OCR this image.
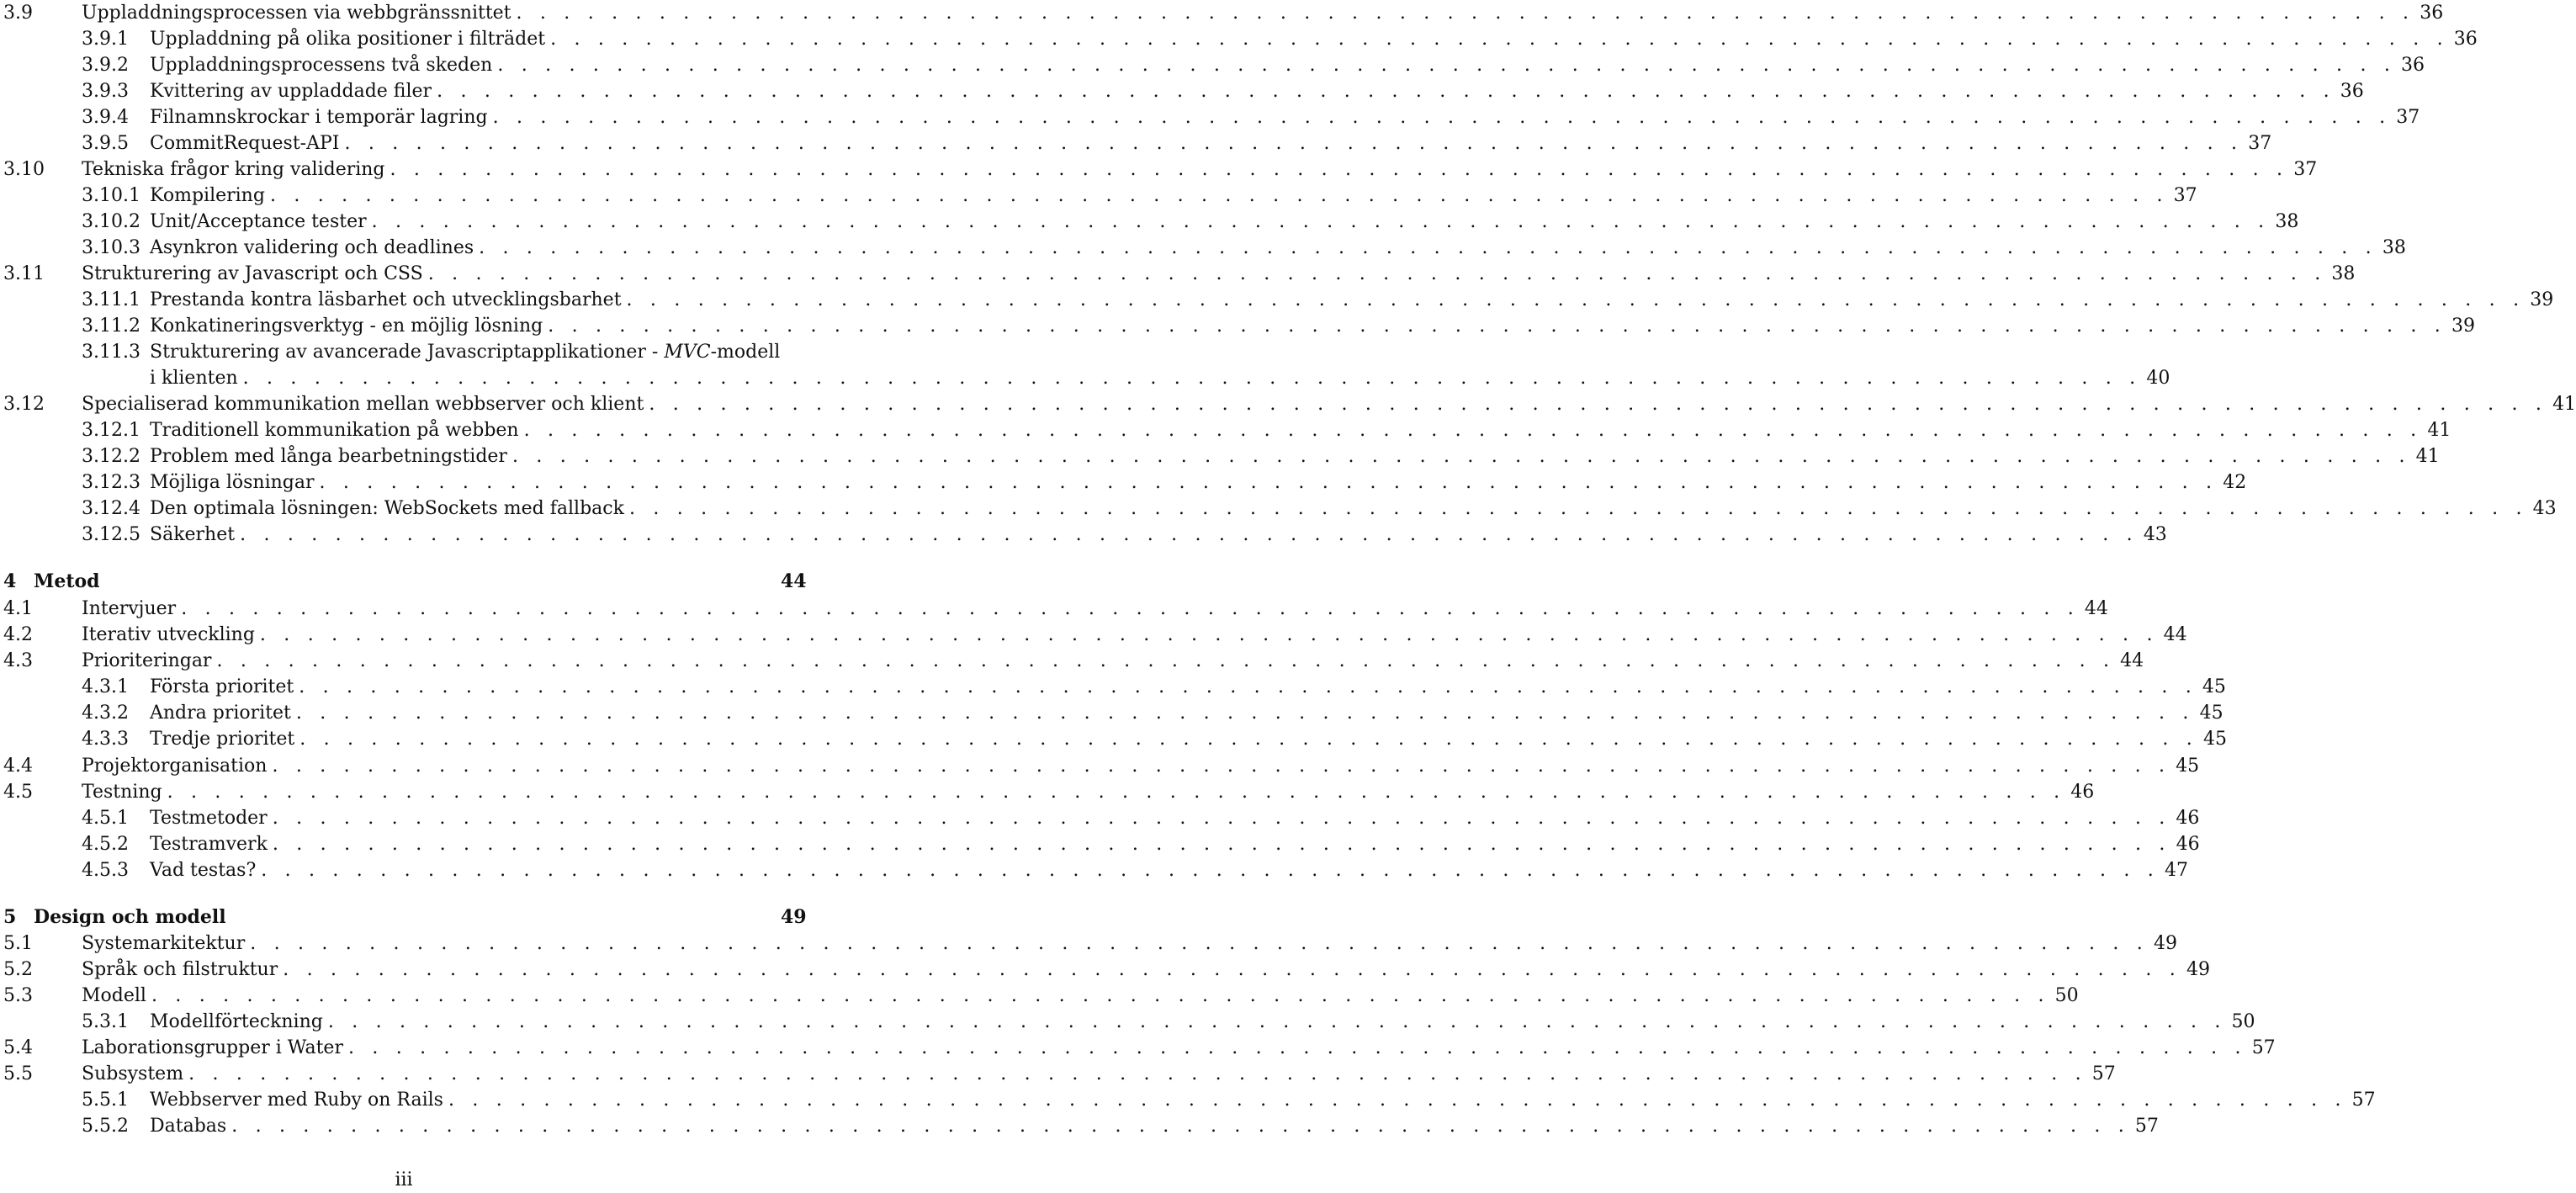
3.9	Uppladdningsprocessen via webbgränssnittet . . . . . . . . . . . . . . . . . . . . . . . . . . . . . . . . . . . . . . . . . . . . . . . . . . . . . . . . . . . . . . . . . . . . . . . . . . . . . . . . 36
3.9.1 Uppladdning på olika positioner i filträdet . . . . . . . . . . . . . . . . . . . . . . . . . . . . . . . . . . . . . . . . . . . . . . . . . . . . . . . . . . . . . . . . . . . . . . . . . . . . . . . . 36
3.9.2 Uppladdningsprocessens två skeden . . . . . . . . . . . . . . . . . . . . . . . . . . . . . . . . . . . . . . . . . . . . . . . . . . . . . . . . . . . . . . . . . . . . . . . . . . . . . . . . 36
3.9.3 Kvittering av uppladdade filer . . . . . . . . . . . . . . . . . . . . . . . . . . . . . . . . . . . . . . . . . . . . . . . . . . . . . . . . . . . . . . . . . . . . . . . . . . . . . . . . 36
3.9.4 Filnamnskrockar i temporär lagring . . . . . . . . . . . . . . . . . . . . . . . . . . . . . . . . . . . . . . . . . . . . . . . . . . . . . . . . . . . . . . . . . . . . . . . . . . . . . . . . 37
3.9.5 CommitRequest-API . . . . . . . . . . . . . . . . . . . . . . . . . . . . . . . . . . . . . . . . . . . . . . . . . . . . . . . . . . . . . . . . . . . . . . . . . . . . . . . . 37
3.10 Tekniska frågor kring validering . . . . . . . . . . . . . . . . . . . . . . . . . . . . . . . . . . . . . . . . . . . . . . . . . . . . . . . . . . . . . . . . . . . . . . . . . . . . . . . . 37
3.10.1 Kompilering . . . . . . . . . . . . . . . . . . . . . . . . . . . . . . . . . . . . . . . . . . . . . . . . . . . . . . . . . . . . . . . . . . . . . . . . . . . . . . . . 37
3.10.2 Unit/Acceptance tester . . . . . . . . . . . . . . . . . . . . . . . . . . . . . . . . . . . . . . . . . . . . . . . . . . . . . . . . . . . . . . . . . . . . . . . . . . . . . . . . 38
3.10.3 Asynkron validering och deadlines . . . . . . . . . . . . . . . . . . . . . . . . . . . . . . . . . . . . . . . . . . . . . . . . . . . . . . . . . . . . . . . . . . . . . . . . . . . . . . . . 38
3.11 Strukturering av Javascript och CSS . . . . . . . . . . . . . . . . . . . . . . . . . . . . . . . . . . . . . . . . . . . . . . . . . . . . . . . . . . . . . . . . . . . . . . . . . . . . . . . . 38
3.11.1 Prestanda kontra läsbarhet och utvecklingsbarhet . . . . . . . . . . . . . . . . . . . . . . . . . . . . . . . . . . . . . . . . . . . . . . . . . . . . . . . . . . . . . . . . . . . . . . . . . . . . . . . . 39
3.11.2 Konkatineringsverktyg - en möjlig lösning . . . . . . . . . . . . . . . . . . . . . . . . . . . . . . . . . . . . . . . . . . . . . . . . . . . . . . . . . . . . . . . . . . . . . . . . . . . . . . . . 39
3.11.3 Strukturering av avancerade Javascriptapplikationer - MVC-modell
i klienten . . . . . . . . . . . . . . . . . . . . . . . . . . . . . . . . . . . . . . . . . . . . . . . . . . . . . . . . . . . . . . . . . . . . . . . . . . . . . . . . 40
3.12 Specialiserad kommunikation mellan webbserver och klient . . . . . . . . . . . . . . . . . . . . . . . . . . . . . . . . . . . . . . . . . . . . . . . . . . . . . . . . . . . . . . . . . . . . . . . . . . . . . . . . 41
3.12.1 Traditionell kommunikation på webben . . . . . . . . . . . . . . . . . . . . . . . . . . . . . . . . . . . . . . . . . . . . . . . . . . . . . . . . . . . . . . . . . . . . . . . . . . . . . . . . 41
3.12.2 Problem med långa bearbetningstider . . . . . . . . . . . . . . . . . . . . . . . . . . . . . . . . . . . . . . . . . . . . . . . . . . . . . . . . . . . . . . . . . . . . . . . . . . . . . . . . 41
3.12.3 Möjliga lösningar . . . . . . . . . . . . . . . . . . . . . . . . . . . . . . . . . . . . . . . . . . . . . . . . . . . . . . . . . . . . . . . . . . . . . . . . . . . . . . . . 42
3.12.4 Den optimala lösningen: WebSockets med fallback . . . . . . . . . . . . . . . . . . . . . . . . . . . . . . . . . . . . . . . . . . . . . . . . . . . . . . . . . . . . . . . . . . . . . . . . . . . . . . . . 43
3.12.5 Säkerhet . . . . . . . . . . . . . . . . . . . . . . . . . . . . . . . . . . . . . . . . . . . . . . . . . . . . . . . . . . . . . . . . . . . . . . . . . . . . . . . . 43
4 Metod	44
4.1	Intervjuer . . . . . . . . . . . . . . . . . . . . . . . . . . . . . . . . . . . . . . . . . . . . . . . . . . . . . . . . . . . . . . . . . . . . . . . . . . . . . . . . 44
4.2	Iterativ utveckling . . . . . . . . . . . . . . . . . . . . . . . . . . . . . . . . . . . . . . . . . . . . . . . . . . . . . . . . . . . . . . . . . . . . . . . . . . . . . . . . 44
4.3	Prioriteringar . . . . . . . . . . . . . . . . . . . . . . . . . . . . . . . . . . . . . . . . . . . . . . . . . . . . . . . . . . . . . . . . . . . . . . . . . . . . . . . . 44
4.3.1 Första prioritet . . . . . . . . . . . . . . . . . . . . . . . . . . . . . . . . . . . . . . . . . . . . . . . . . . . . . . . . . . . . . . . . . . . . . . . . . . . . . . . . 45
4.3.2 Andra prioritet . . . . . . . . . . . . . . . . . . . . . . . . . . . . . . . . . . . . . . . . . . . . . . . . . . . . . . . . . . . . . . . . . . . . . . . . . . . . . . . . 45
4.3.3 Tredje prioritet . . . . . . . . . . . . . . . . . . . . . . . . . . . . . . . . . . . . . . . . . . . . . . . . . . . . . . . . . . . . . . . . . . . . . . . . . . . . . . . . 45
4.4	Projektorganisation . . . . . . . . . . . . . . . . . . . . . . . . . . . . . . . . . . . . . . . . . . . . . . . . . . . . . . . . . . . . . . . . . . . . . . . . . . . . . . . . 45
4.5	Testning . . . . . . . . . . . . . . . . . . . . . . . . . . . . . . . . . . . . . . . . . . . . . . . . . . . . . . . . . . . . . . . . . . . . . . . . . . . . . . . . 46
4.5.1 Testmetoder . . . . . . . . . . . . . . . . . . . . . . . . . . . . . . . . . . . . . . . . . . . . . . . . . . . . . . . . . . . . . . . . . . . . . . . . . . . . . . . . 46
4.5.2 Testramverk . . . . . . . . . . . . . . . . . . . . . . . . . . . . . . . . . . . . . . . . . . . . . . . . . . . . . . . . . . . . . . . . . . . . . . . . . . . . . . . . 46
4.5.3 Vad testas? . . . . . . . . . . . . . . . . . . . . . . . . . . . . . . . . . . . . . . . . . . . . . . . . . . . . . . . . . . . . . . . . . . . . . . . . . . . . . . . . 47
5 Design och modell	49
5.1	Systemarkitektur . . . . . . . . . . . . . . . . . . . . . . . . . . . . . . . . . . . . . . . . . . . . . . . . . . . . . . . . . . . . . . . . . . . . . . . . . . . . . . . . 49
5.2	Språk och filstruktur . . . . . . . . . . . . . . . . . . . . . . . . . . . . . . . . . . . . . . . . . . . . . . . . . . . . . . . . . . . . . . . . . . . . . . . . . . . . . . . . 49
5.3	Modell . . . . . . . . . . . . . . . . . . . . . . . . . . . . . . . . . . . . . . . . . . . . . . . . . . . . . . . . . . . . . . . . . . . . . . . . . . . . . . . . 50
5.3.1 Modellförteckning . . . . . . . . . . . . . . . . . . . . . . . . . . . . . . . . . . . . . . . . . . . . . . . . . . . . . . . . . . . . . . . . . . . . . . . . . . . . . . . . 50
5.4	Laborationsgrupper i Water . . . . . . . . . . . . . . . . . . . . . . . . . . . . . . . . . . . . . . . . . . . . . . . . . . . . . . . . . . . . . . . . . . . . . . . . . . . . . . . . 57
5.5	Subsystem . . . . . . . . . . . . . . . . . . . . . . . . . . . . . . . . . . . . . . . . . . . . . . . . . . . . . . . . . . . . . . . . . . . . . . . . . . . . . . . . 57
5.5.1 Webbserver med Ruby on Rails . . . . . . . . . . . . . . . . . . . . . . . . . . . . . . . . . . . . . . . . . . . . . . . . . . . . . . . . . . . . . . . . . . . . . . . . . . . . . . . . 57
5.5.2 Databas . . . . . . . . . . . . . . . . . . . . . . . . . . . . . . . . . . . . . . . . . . . . . . . . . . . . . . . . . . . . . . . . . . . . . . . . . . . . . . . . 57
iii
